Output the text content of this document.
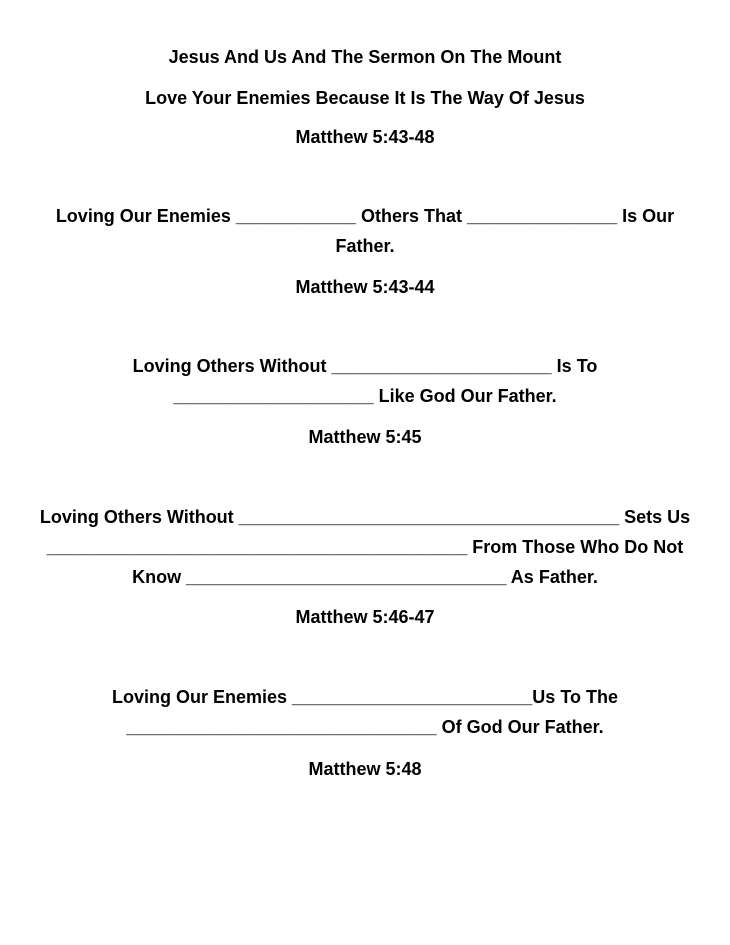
Jesus And Us And The Sermon On The Mount
Love Your Enemies Because It Is The Way Of Jesus
Matthew 5:43-48
Loving Our Enemies ____________ Others That _______________ Is Our Father.
Matthew 5:43-44
Loving Others Without ______________________ Is To ____________________ Like God Our Father.
Matthew 5:45
Loving Others Without ______________________________________ Sets Us __________________________________________ From Those Who Do Not Know ________________________________ As Father.
Matthew 5:46-47
Loving Our Enemies ________________________Us To The _______________________________ Of God Our Father.
Matthew 5:48
